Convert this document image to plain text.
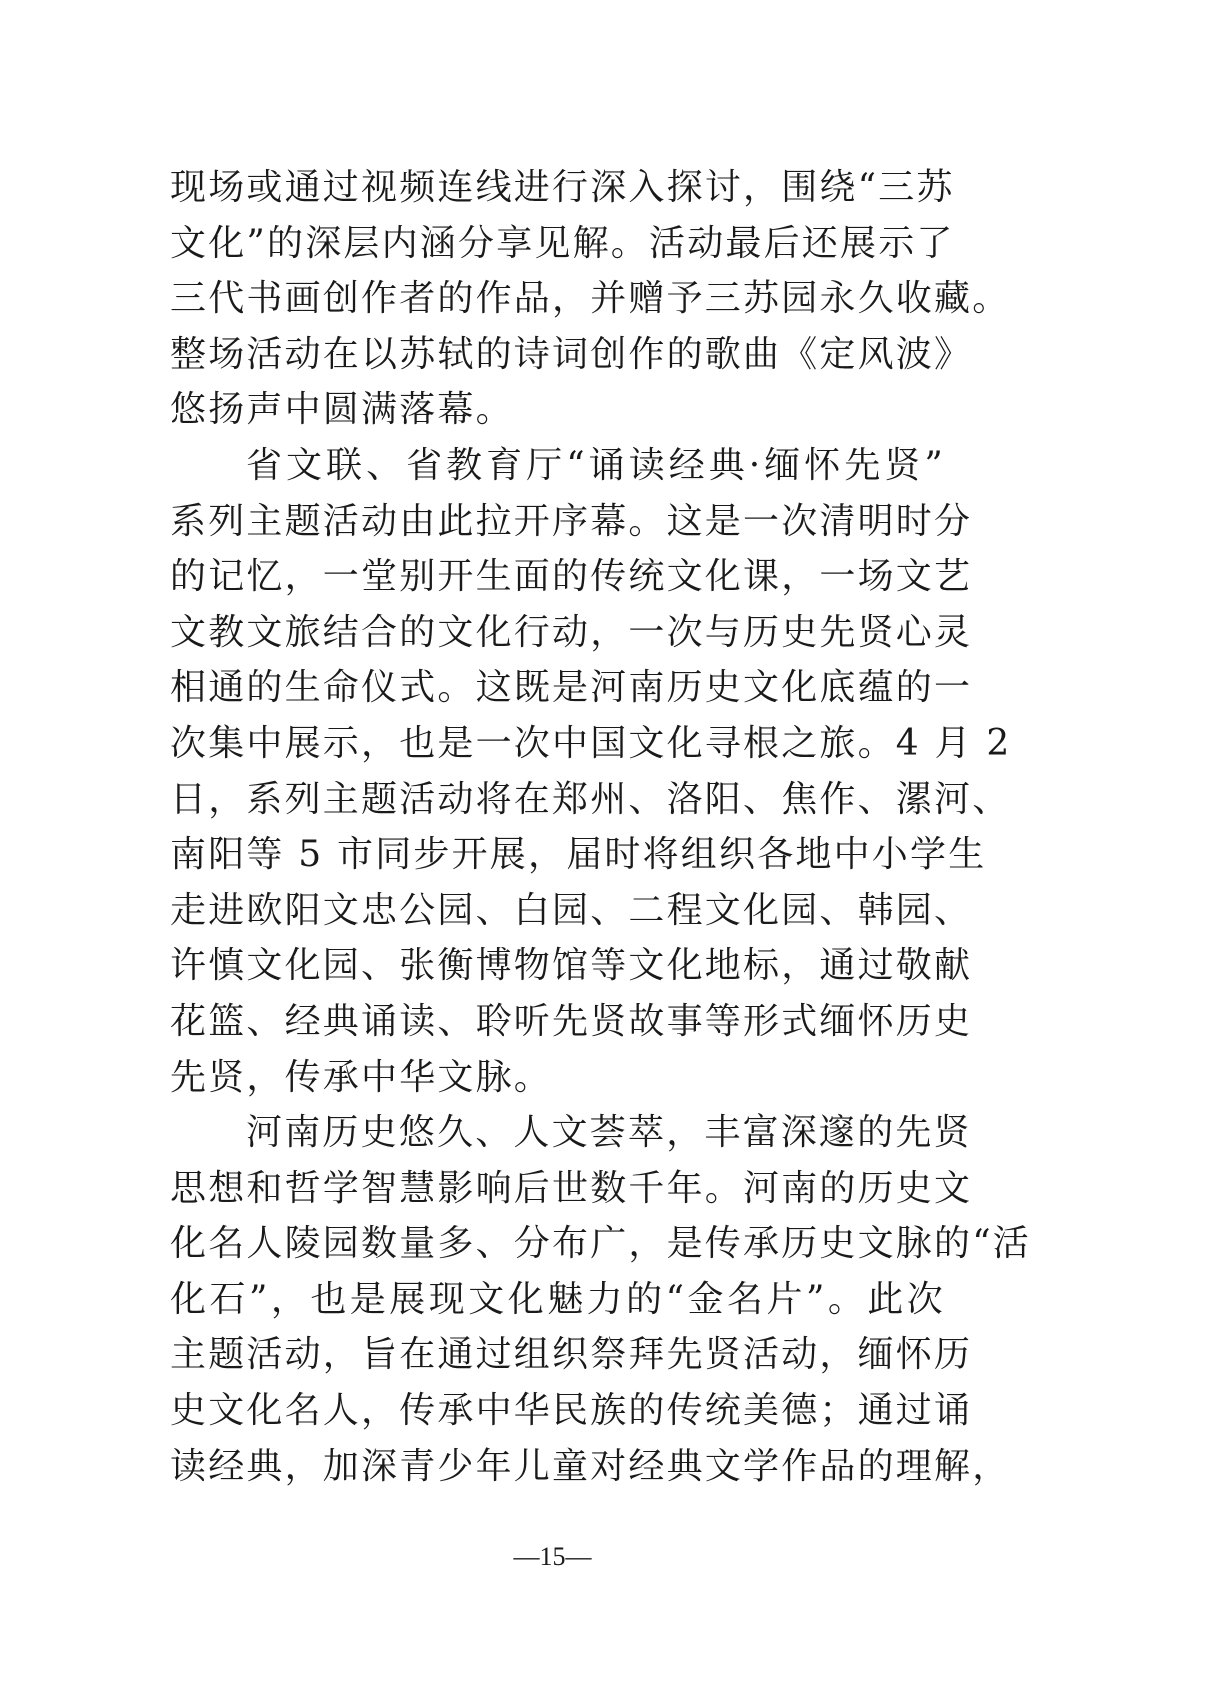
现场或通过视频连线进行深入探讨，围绕“三苏
文化”的深层内涵分享见解。活动最后还展示了
三代书画创作者的作品，并赠予三苏园永久收藏。
整场活动在以苏轼的诗词创作的歌曲《定风波》
悠扬声中圆满落幕。
省文联、省教育厅“诵读经典·缅怀先贤”
系列主题活动由此拉开序幕。这是一次清明时分
的记忆，一堂别开生面的传统文化课，一场文艺
文教文旅结合的文化行动，一次与历史先贤心灵
相通的生命仪式。这既是河南历史文化底蕴的一
次集中展示，也是一次中国文化寻根之旅。4 月 2
日，系列主题活动将在郑州、洛阳、焦作、漯河、
南阳等 5 市同步开展，届时将组织各地中小学生
走进欧阳文忠公园、白园、二程文化园、韩园、
许慎文化园、张衡博物馆等文化地标，通过敬献
花篮、经典诵读、聆听先贤故事等形式缅怀历史
先贤，传承中华文脉。
河南历史悠久、人文荟萃，丰富深邃的先贤
思想和哲学智慧影响后世数千年。河南的历史文
化名人陵园数量多、分布广，是传承历史文脉的“活
化石”，也是展现文化魅力的“金名片”。此次
主题活动，旨在通过组织祭拜先贤活动，缅怀历
史文化名人，传承中华民族的传统美德；通过诵
读经典，加深青少年儿童对经典文学作品的理解，
—15—
